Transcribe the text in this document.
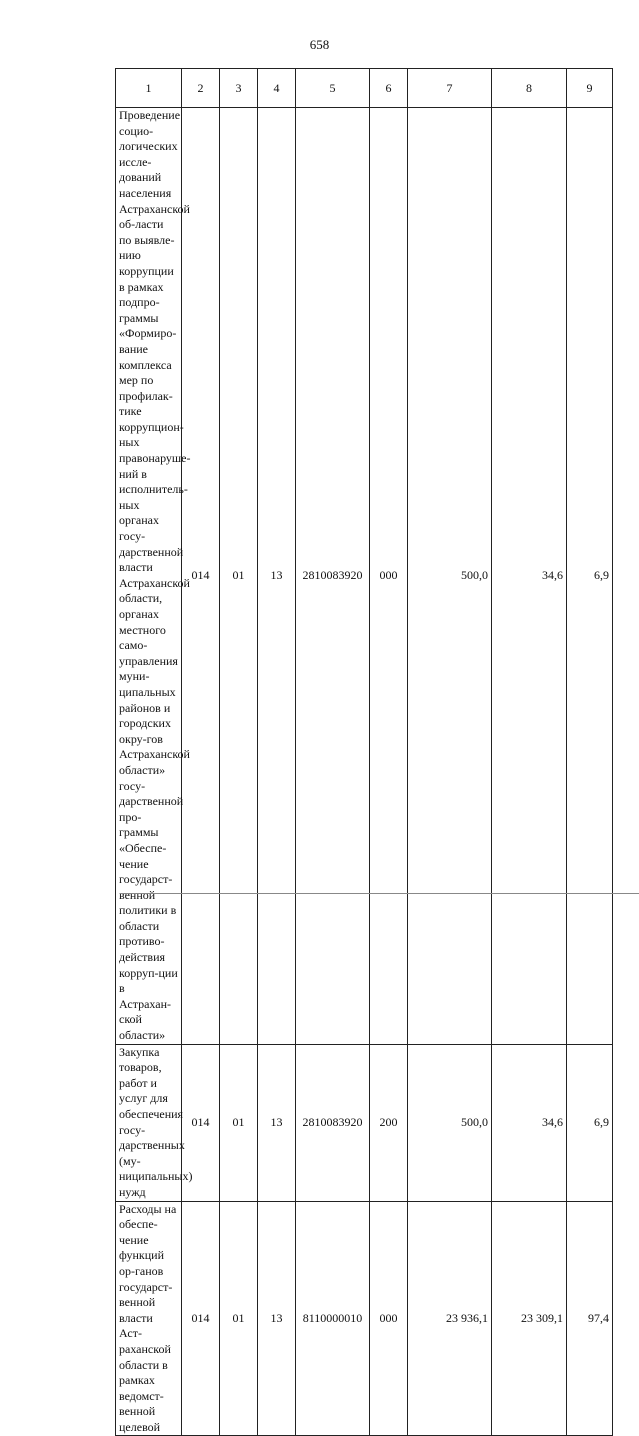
658
1	2	3	4	5	6	7	8	9
Проведение социо-логических иссле-дований населения Астраханской об-ласти по выявле-нию коррупции в рамках подпро-граммы «Формиро-вание комплекса мер по профилак-тике коррупцион-ных правонаруше-ний в исполнитель-ных органах госу-дарственной власти Астраханской области, органах местного само-управления муни-ципальных районов и городских окру-гов Астраханской области» госу-дарственной про-граммы «Обеспе-чение государст-венной политики в области противо-действия корруп-ции в Астрахан-ской области»	014	01	13	2810083920	000	500,0	34,6	6,9
Закупка товаров, работ и услуг для обеспечения госу-дарственных (му-ниципальных) нужд	014	01	13	2810083920	200	500,0	34,6	6,9
Расходы на обеспе-чение функций ор-ганов государст-венной власти Аст-раханской области в рамках ведомст-венной целевой	014	01	13	8110000010	000	23 936,1	23 309,1	97,4
